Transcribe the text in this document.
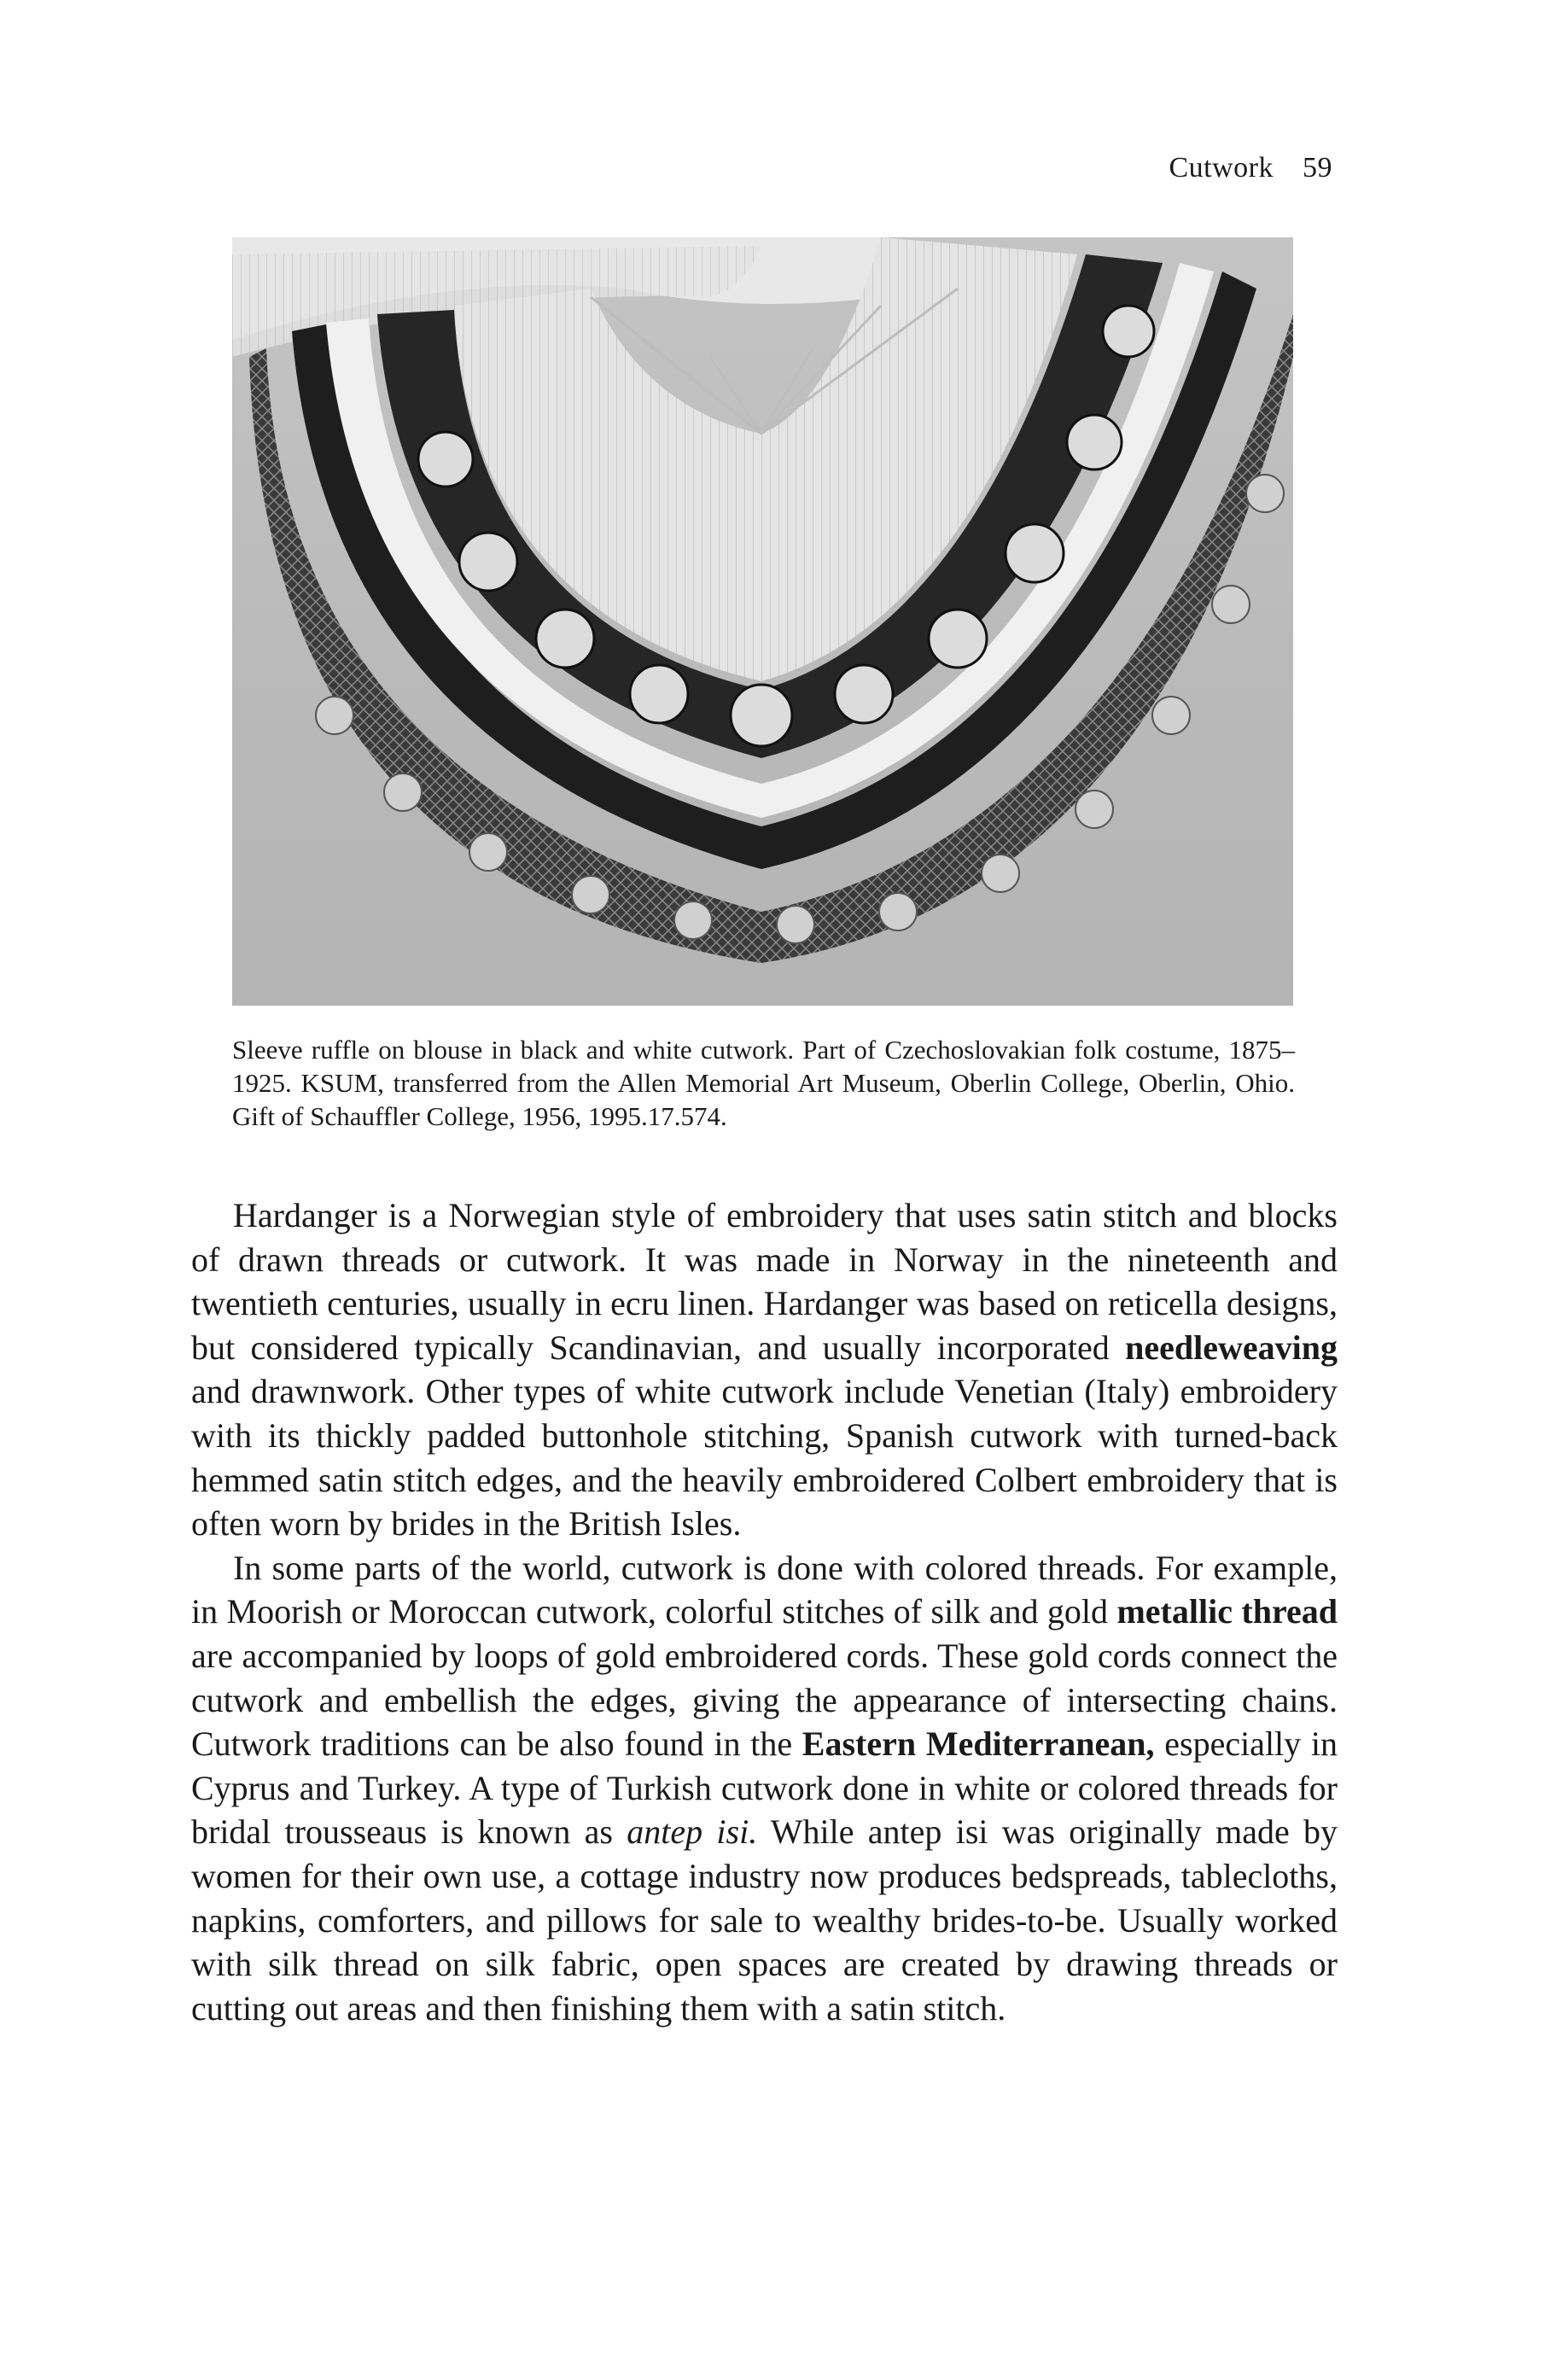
Cutwork 59

Sleeve ruffle on blouse in black and white cutwork. Part of Czechoslovakian folk costume, 1875–1925. KSUM, transferred from the Allen Memorial Art Museum, Oberlin College, Oberlin, Ohio. Gift of Schauffler College, 1956, 1995.17.574.

Hardanger is a Norwegian style of embroidery that uses satin stitch and blocks of drawn threads or cutwork. It was made in Norway in the nineteenth and twentieth centuries, usually in ecru linen. Hardanger was based on reticella designs, but considered typically Scandinavian, and usually incorporated needleweaving and drawnwork. Other types of white cutwork include Venetian (Italy) embroidery with its thickly padded buttonhole stitching, Spanish cutwork with turned-back hemmed satin stitch edges, and the heavily embroidered Colbert embroidery that is often worn by brides in the British Isles.

In some parts of the world, cutwork is done with colored threads. For example, in Moorish or Moroccan cutwork, colorful stitches of silk and gold metallic thread are accompanied by loops of gold embroidered cords. These gold cords connect the cutwork and embellish the edges, giving the appearance of intersecting chains. Cutwork traditions can be also found in the Eastern Mediterranean, especially in Cyprus and Turkey. A type of Turkish cutwork done in white or colored threads for bridal trousseaus is known as antep isi. While antep isi was originally made by women for their own use, a cottage industry now produces bedspreads, tablecloths, napkins, comforters, and pillows for sale to wealthy brides-to-be. Usually worked with silk thread on silk fabric, open spaces are created by drawing threads or cutting out areas and then finishing them with a satin stitch.
